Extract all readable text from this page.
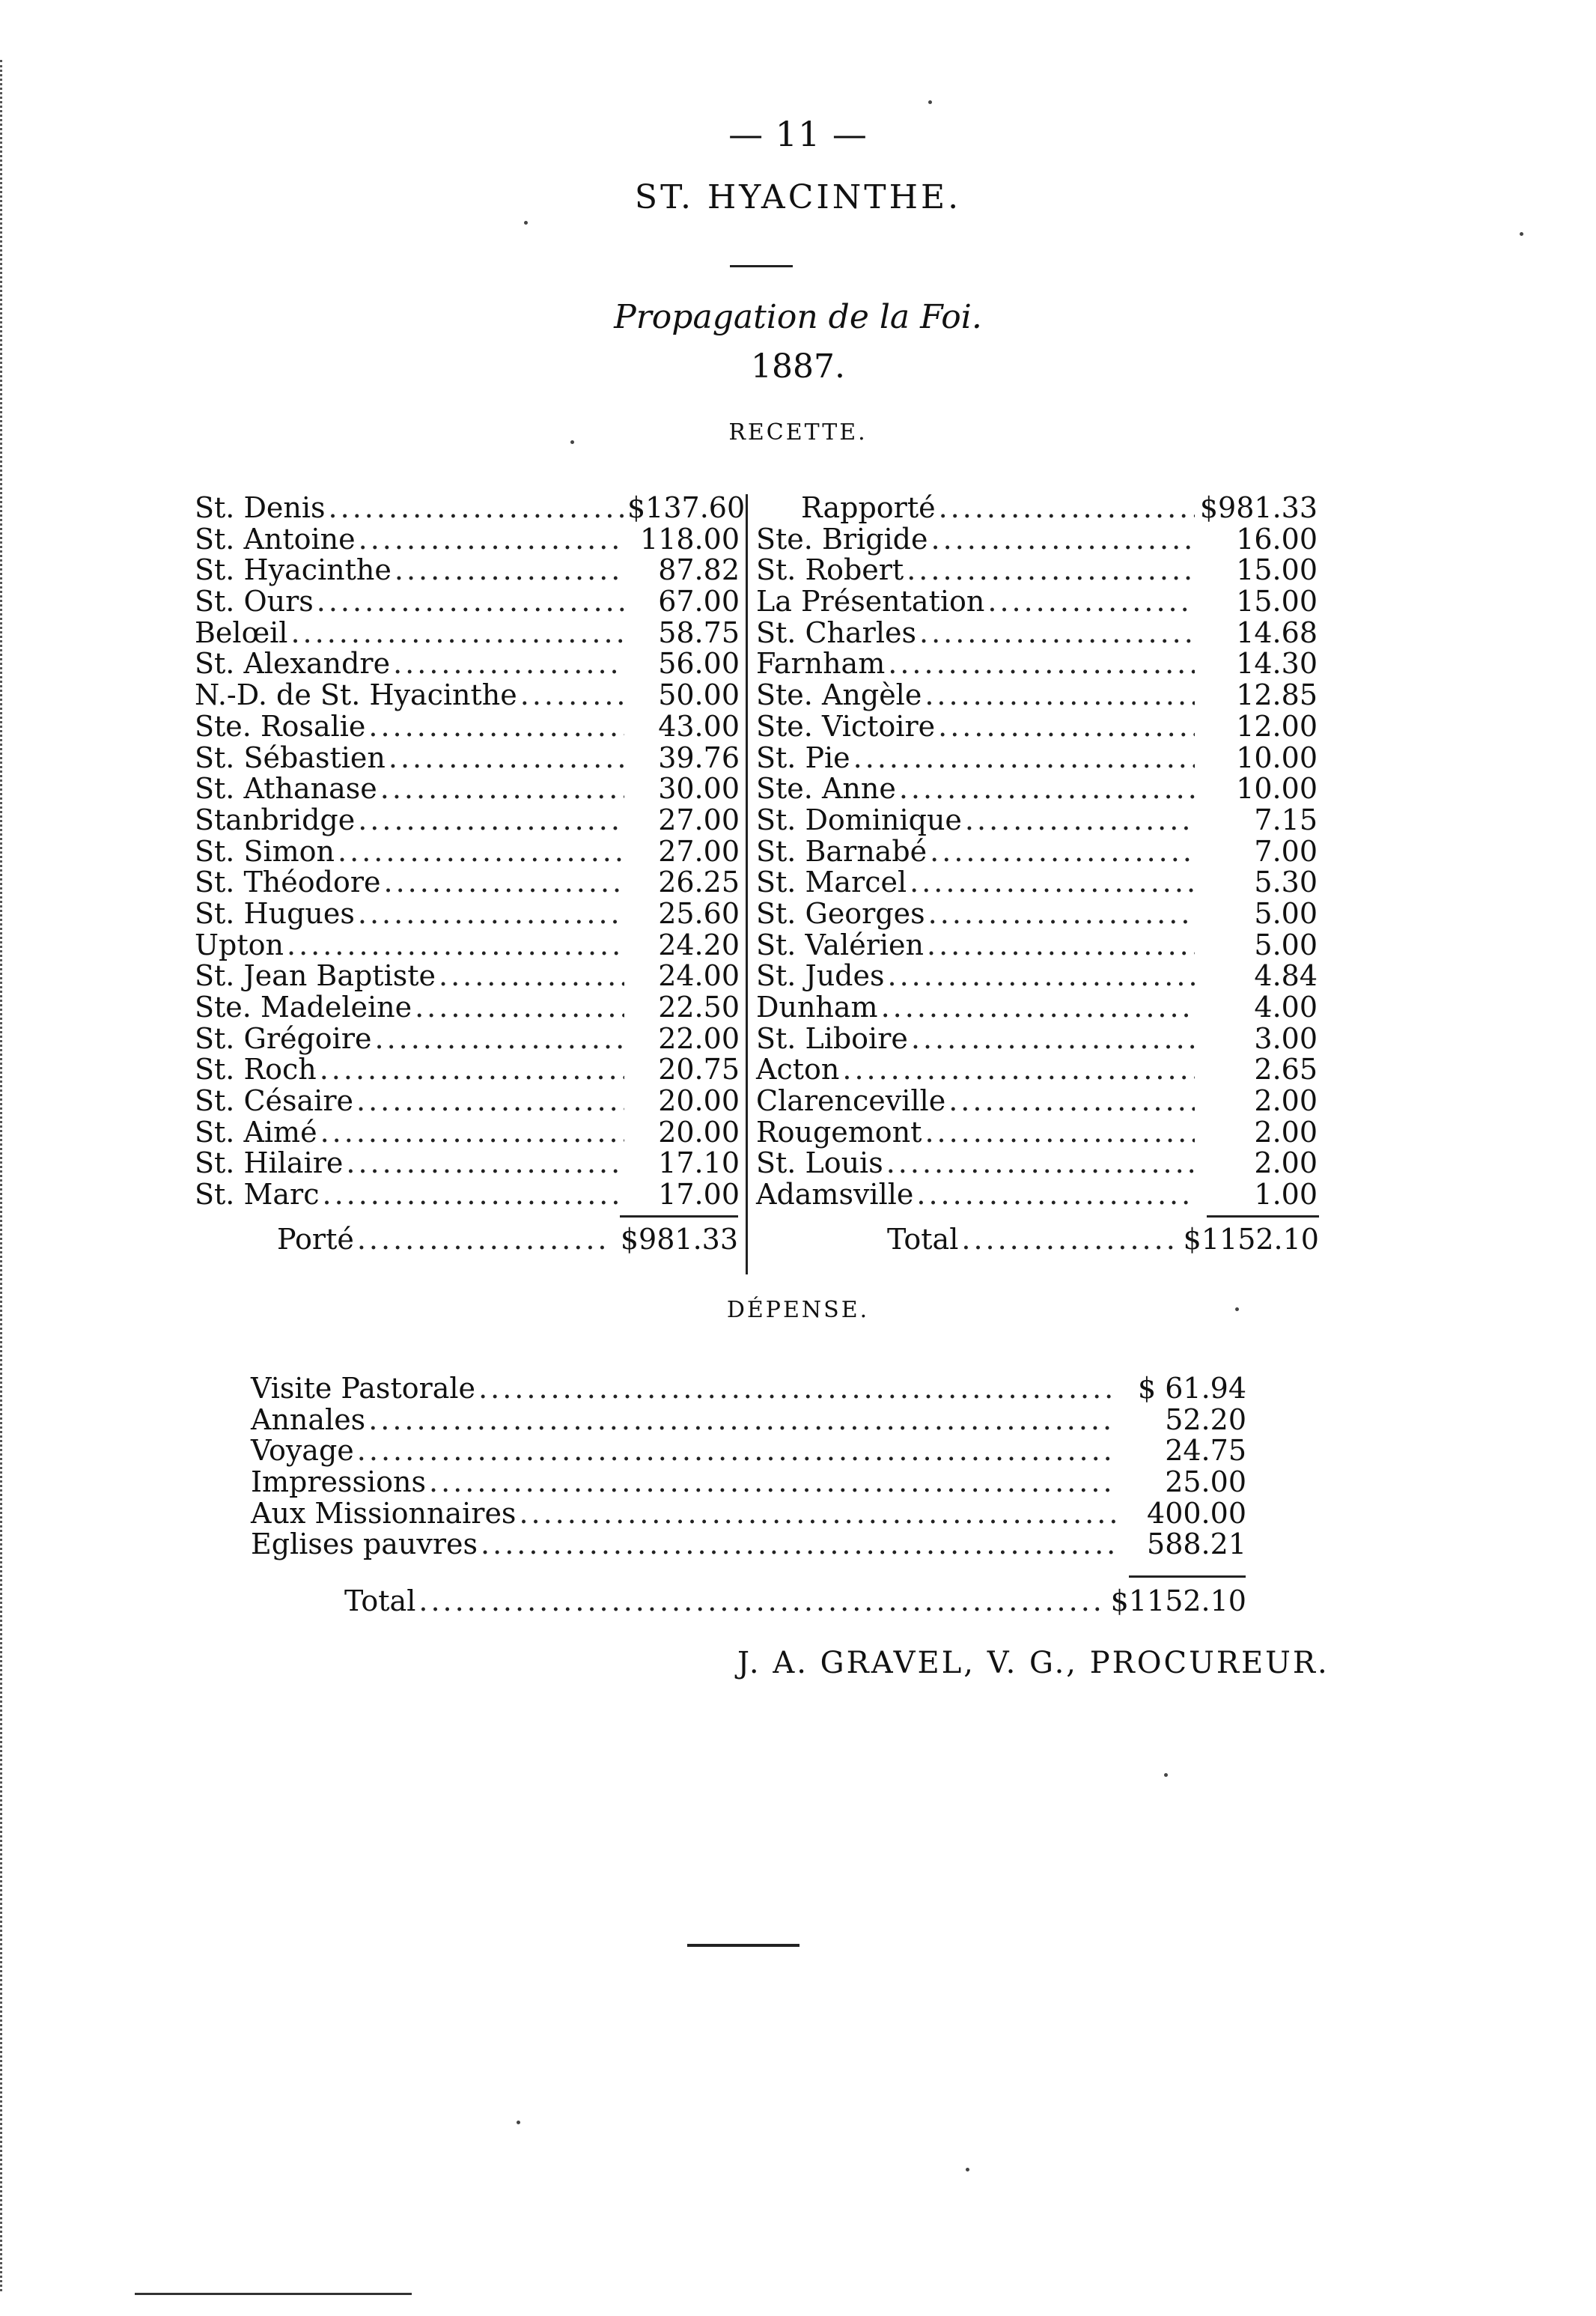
— 11 —
ST. HYACINTHE.
Propagation de la Foi.
1887.
RECETTE.
St. Denis .....	$137.60
St. Antoine .....	118.00
St. Hyacinthe .....	87.82
St. Ours .....	67.00
Belœil .....	58.75
St. Alexandre .....	56.00
N.-D. de St. Hyacinthe .....	50.00
Ste. Rosalie .....	43.00
St. Sébastien .....	39.76
St. Athanase .....	30.00
Stanbridge .....	27.00
St. Simon .....	27.00
St. Théodore .....	26.25
St. Hugues .....	25.60
Upton .....	24.20
St. Jean Baptiste .....	24.00
Ste. Madeleine .....	22.50
St. Grégoire .....	22.00
St. Roch .....	20.75
St. Césaire .....	20.00
St. Aimé .....	20.00
St. Hilaire .....	17.10
St. Marc .....	17.00
Rapporté .....	$981.33
Ste. Brigide .....	16.00
St. Robert .....	15.00
La Présentation .....	15.00
St. Charles .....	14.68
Farnham .....	14.30
Ste. Angèle .....	12.85
Ste. Victoire .....	12.00
St. Pie .....	10.00
Ste. Anne .....	10.00
St. Dominique .....	7.15
St. Barnabé .....	7.00
St. Marcel .....	5.30
St. Georges .....	5.00
St. Valérien .....	5.00
St. Judes .....	4.84
Dunham .....	4.00
St. Liboire .....	3.00
Acton .....	2.65
Clarenceville .....	2.00
Rougemont .....	2.00
St. Louis .....	2.00
Adamsville .....	1.00
Porté .....	$981.33	Total .....	$1152.10
DÉPENSE.
Visite Pastorale .....	$ 61.94
Annales .....	52.20
Voyage .....	24.75
Impressions .....	25.00
Aux Missionnaires .....	400.00
Eglises pauvres .....	588.21
Total .....	$1152.10
J. A. GRAVEL, V. G., PROCUREUR.
